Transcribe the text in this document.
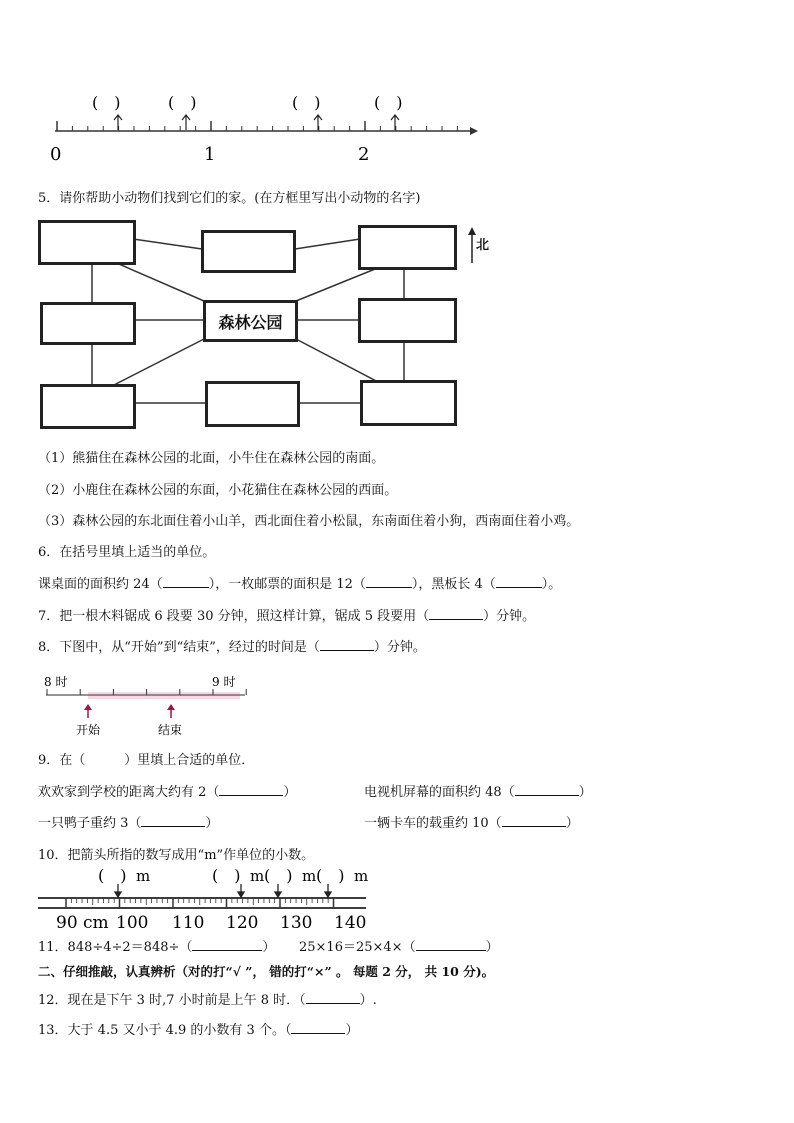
(　)	(　)	(　)	(　)
0	1	2
5．请你帮助小动物们找到它们的家。(在方框里写出小动物的名字)
森林公园
北
（1）熊猫住在森林公园的北面，小牛住在森林公园的南面。
（2）小鹿住在森林公园的东面，小花猫住在森林公园的西面。
（3）森林公园的东北面住着小山羊，西北面住着小松鼠，东南面住着小狗，西南面住着小鸡。
6．在括号里填上适当的单位。
课桌面的面积约 24（	），一枚邮票的面积是 12（	），黑板长 4（	）。
7．把一根木料锯成 6 段要 30 分钟，照这样计算，锯成 5 段要用（	）分钟。
8．下图中，从“开始”到“结束”，经过的时间是（	）分钟。
8 时	9 时
开始	结束
9．在（　　　）里填上合适的单位．
欢欢家到学校的距离大约有 2（	）	电视机屏幕的面积约 48（	）
一只鸭子重约 3（	）	一辆卡车的载重约 10（	）
10．把箭头所指的数写成用“m”作单位的小数。
(　) m	(　) m (　) m (　) m
90 cm 100 110 120 130 140
11．848÷4÷2＝848÷（	） 25×16＝25×4×（	）
二、仔细推敲，认真辨析（对的打“√ ”， 错的打“×” 。 每题 2 分， 共 10 分)。
12．现在是下午 3 时,7 小时前是上午 8 时．（	）.
13．大于 4.5 又小于 4.9 的小数有 3 个。（	）
